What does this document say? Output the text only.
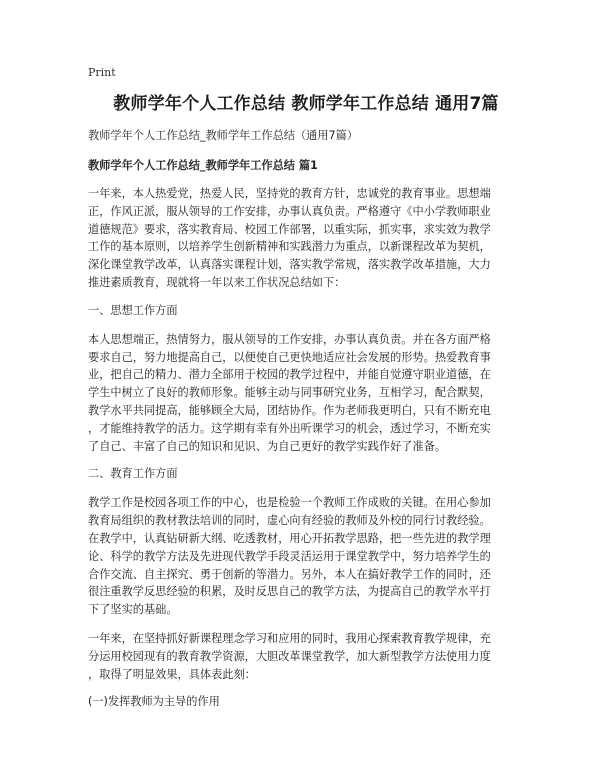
Print
教师学年个人工作总结 教师学年工作总结 通用7篇
教师学年个人工作总结_教师学年工作总结（通用7篇）
教师学年个人工作总结_教师学年工作总结 篇1
一年来，本人热爱党，热爱人民，坚持党的教育方针，忠诚党的教育事业。思想端
正，作风正派，服从领导的工作安排，办事认真负责。严格遵守《中小学教师职业
道德规范》要求，落实教育局、校园工作部署，以重实际，抓实事，求实效为教学
工作的基本原则，以培养学生创新精神和实践潜力为重点，以新课程改革为契机，
深化课堂教学改革，认真落实课程计划，落实教学常规，落实教学改革措施，大力
推进素质教育，现就将一年以来工作状况总结如下：
一、思想工作方面
本人思想端正，热情努力，服从领导的工作安排，办事认真负责。并在各方面严格
要求自己，努力地提高自己，以便使自己更快地适应社会发展的形势。热爱教育事
业，把自己的精力、潜力全部用于校园的教学过程中，并能自觉遵守职业道德，在
学生中树立了良好的教师形象。能够主动与同事研究业务，互相学习，配合默契，
教学水平共同提高，能够顾全大局，团结协作。作为老师我更明白，只有不断充电
，才能维持教学的活力。这学期有幸有外出听课学习的机会，透过学习，不断充实
了自己、丰富了自己的知识和见识、为自己更好的教学实践作好了准备。
二、教育工作方面
教学工作是校园各项工作的中心，也是检验一个教师工作成败的关键。在用心参加
教育局组织的教材教法培训的同时，虚心向有经验的教师及外校的同行讨教经验。
在教学中，认真钻研新大纲、吃透教材，用心开拓教学思路，把一些先进的教学理
论、科学的教学方法及先进现代教学手段灵活运用于课堂教学中，努力培养学生的
合作交流、自主探究、勇于创新的等潜力。另外，本人在搞好教学工作的同时，还
很注重教学反思经验的积累，及时反思自己的教学方法，为提高自己的教学水平打
下了坚实的基础。
一年来，在坚持抓好新课程理念学习和应用的同时，我用心探索教育教学规律，充
分运用校园现有的教育教学资源，大胆改革课堂教学，加大新型教学方法使用力度
，取得了明显效果，具体表此刻：
(一)发挥教师为主导的作用
